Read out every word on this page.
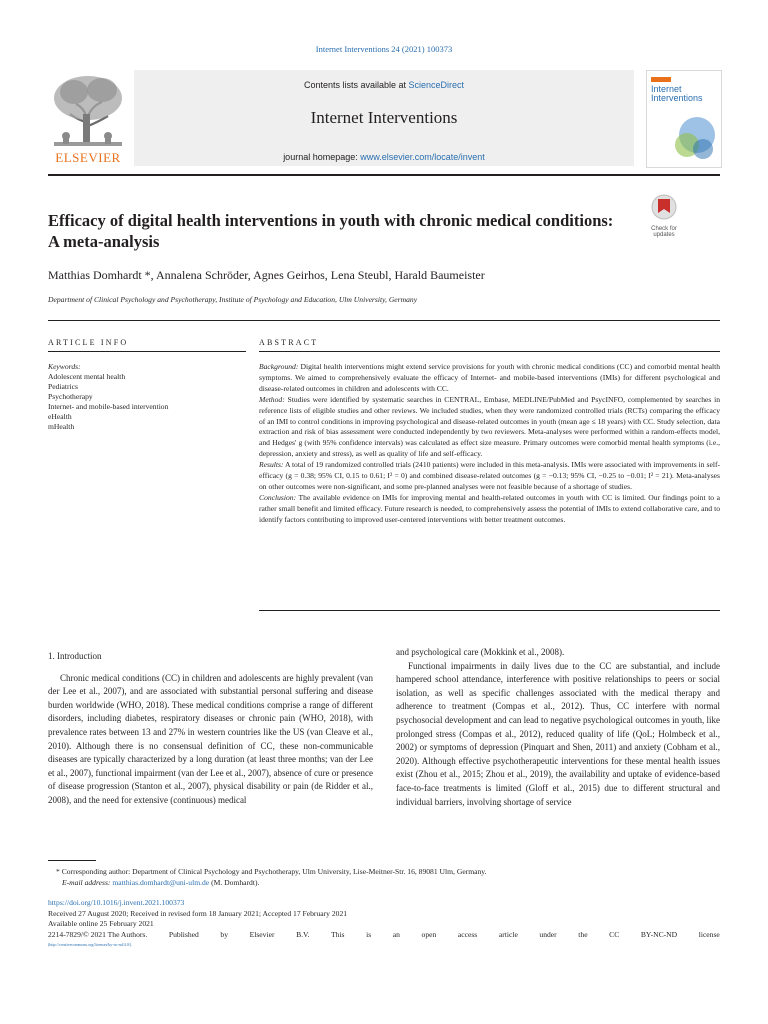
Internet Interventions 24 (2021) 100373
ELSEVIER
Contents lists available at ScienceDirect
Internet Interventions
journal homepage: www.elsevier.com/locate/invent
Internet
Interventions
Efficacy of digital health interventions in youth with chronic medical conditions: A meta-analysis
Check for updates
Matthias Domhardt *, Annalena Schröder, Agnes Geirhos, Lena Steubl, Harald Baumeister
Department of Clinical Psychology and Psychotherapy, Institute of Psychology and Education, Ulm University, Germany
ARTICLE INFO	ABSTRACT
Keywords:
Adolescent mental health
Pediatrics
Psychotherapy
Internet- and mobile-based intervention
eHealth
mHealth

Background: Digital health interventions might extend service provisions for youth with chronic medical conditions (CC) and comorbid mental health symptoms. We aimed to comprehensively evaluate the efficacy of Internet- and mobile-based interventions (IMIs) for different psychological and disease-related outcomes in children and adolescents with CC.

Method: Studies were identified by systematic searches in CENTRAL, Embase, MEDLINE/PubMed and PsycINFO, complemented by searches in reference lists of eligible studies and other reviews. We included studies, when they were randomized controlled trials (RCTs) comparing the efficacy of an IMI to control conditions in improving psychological and disease-related outcomes in youth (mean age ≤ 18 years) with CC. Study selection, data extraction and risk of bias assessment were conducted independently by two reviewers. Meta-analyses were performed within a random-effects model, and Hedges' g (with 95% confidence intervals) was calculated as effect size measure. Primary outcomes were comorbid mental health symptoms (i.e., depression, anxiety and stress), as well as quality of life and self-efficacy.

Results: A total of 19 randomized controlled trials (2410 patients) were included in this meta-analysis. IMIs were associated with improvements in self-efficacy (g = 0.38; 95% CI, 0.15 to 0.61; I² = 0) and combined disease-related outcomes (g = −0.13; 95% CI, −0.25 to −0.01; I² = 21). Meta-analyses on other outcomes were non-significant, and some pre-planned analyses were not feasible because of a shortage of studies.

Conclusion: The available evidence on IMIs for improving mental and health-related outcomes in youth with CC is limited. Our findings point to a rather small benefit and limited efficacy. Future research is needed, to comprehensively assess the potential of IMIs to extend collaborative care, and to identify factors contributing to improved user-centered interventions with better treatment outcomes.

1. Introduction

Chronic medical conditions (CC) in children and adolescents are highly prevalent (van der Lee et al., 2007), and are associated with substantial personal suffering and disease burden worldwide (WHO, 2018). These medical conditions comprise a range of different disorders, including diabetes, respiratory diseases or chronic pain (WHO, 2018), with prevalence rates between 13 and 27% in western countries like the US (van Cleave et al., 2010). Although there is no consensual definition of CC, these non-communicable diseases are typically characterized by a long duration (at least three months; van der Lee et al., 2007), functional impairment (van der Lee et al., 2007), absence of cure or presence of disease progression (Stanton et al., 2007), physical disability or pain (de Ridder et al., 2008), and the need for extensive (continuous) medical

and psychological care (Mokkink et al., 2008).

Functional impairments in daily lives due to the CC are substantial, and include hampered school attendance, interference with positive relationships to peers or social isolation, as well as specific challenges associated with the medical therapy and adherence to treatment (Compas et al., 2012). Thus, CC interfere with normal psychosocial development and can lead to negative psychological outcomes in youth, like prolonged stress (Compas et al., 2012), reduced quality of life (QoL; Holmbeck et al., 2002) or symptoms of depression (Pinquart and Shen, 2011) and anxiety (Cobham et al., 2020). Although effective psychotherapeutic interventions for these mental health issues exist (Zhou et al., 2015; Zhou et al., 2019), the availability and uptake of evidence-based face-to-face treatments is limited (Gloff et al., 2015) due to different structural and individual barriers, involving shortage of service

* Corresponding author: Department of Clinical Psychology and Psychotherapy, Ulm University, Lise-Meitner-Str. 16, 89081 Ulm, Germany.
E-mail address: matthias.domhardt@uni-ulm.de (M. Domhardt).
https://doi.org/10.1016/j.invent.2021.100373
Received 27 August 2020; Received in revised form 18 January 2021; Accepted 17 February 2021
Available online 25 February 2021
2214-7829/© 2021 The Authors.	Published	by	Elsevier	B.V.	This	is	an	open	access	article	under	the	CC	BY-NC-ND	license
(http://creativecommons.org/licenses/by-nc-nd/4.0/).
